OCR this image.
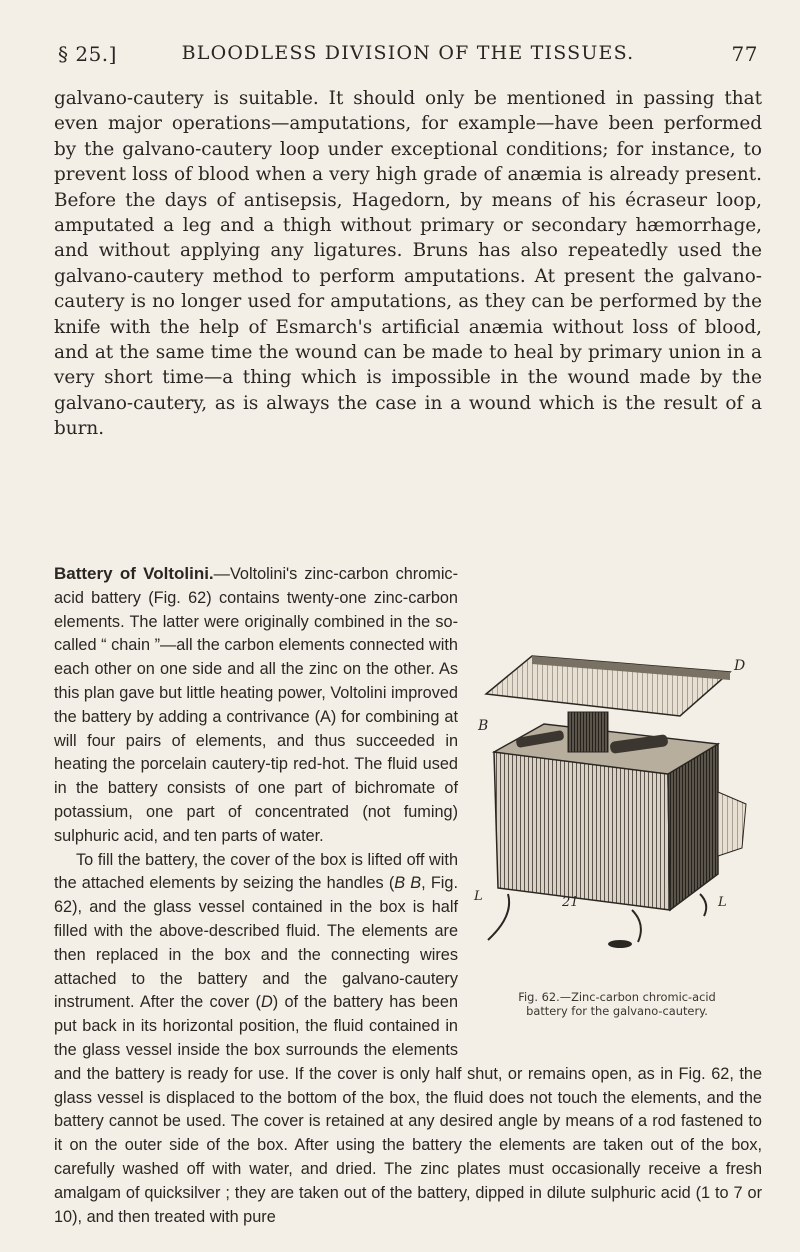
§ 25.]	BLOODLESS DIVISION OF THE TISSUES.	77

galvano-cautery is suitable. It should only be mentioned in passing that even major operations—amputations, for example—have been performed by the galvano-cautery loop under exceptional conditions; for instance, to prevent loss of blood when a very high grade of anæmia is already present. Before the days of antisepsis, Hagedorn, by means of his écraseur loop, amputated a leg and a thigh without primary or secondary hæmorrhage, and without applying any ligatures. Bruns has also repeatedly used the galvano-cautery method to perform amputations. At present the galvano-cautery is no longer used for amputations, as they can be performed by the knife with the help of Esmarch's artificial anæmia without loss of blood, and at the same time the wound can be made to heal by primary union in a very short time—a thing which is impossible in the wound made by the galvano-cautery, as is always the case in a wound which is the result of a burn.

D
B
L	21	L
Fig. 62.—Zinc-carbon chromic-acid
battery for the galvano-cautery.

Battery of Voltolini.—Voltolini's zinc-carbon chromic-acid battery (Fig. 62) contains twenty-one zinc-carbon elements. The latter were originally combined in the so-called “ chain ”—all the carbon elements connected with each other on one side and all the zinc on the other. As this plan gave but little heating power, Voltolini improved the battery by adding a contrivance (A) for combining at will four pairs of elements, and thus succeeded in heating the porcelain cautery-tip red-hot. The fluid used in the battery consists of one part of bichromate of potassium, one part of concentrated (not fuming) sulphuric acid, and ten parts of water.

To fill the battery, the cover of the box is lifted off with the attached elements by seizing the handles (B B, Fig. 62), and the glass vessel contained in the box is half filled with the above-described fluid. The elements are then replaced in the box and the connecting wires attached to the battery and the galvano-cautery instrument. After the cover (D) of the battery has been put back in its horizontal position, the fluid contained in the glass vessel inside the box surrounds the elements and the battery is ready for use. If the cover is only half shut, or remains open, as in Fig. 62, the glass vessel is displaced to the bottom of the box, the fluid does not touch the elements, and the battery cannot be used. The cover is retained at any desired angle by means of a rod fastened to it on the outer side of the box. After using the battery the elements are taken out of the box, carefully washed off with water, and dried. The zinc plates must occasionally receive a fresh amalgam of quicksilver ; they are taken out of the battery, dipped in dilute sulphuric acid (1 to 7 or 10), and then treated with pure
